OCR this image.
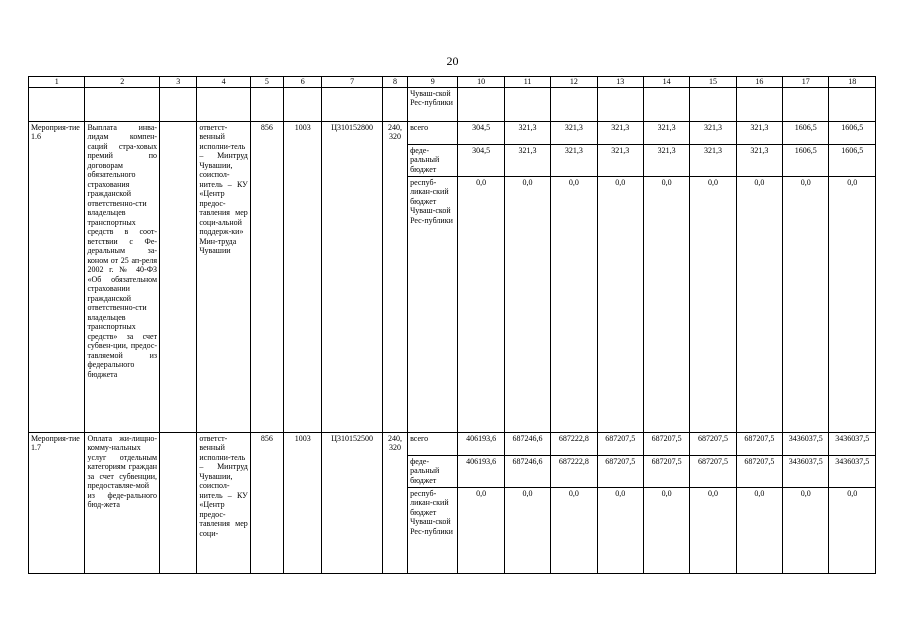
20
1	2	3	4	5	6	7	8	9	10	11	12	13	14	15	16	17	18
								Чуваш-ской Рес-публики									
Мероприя-тие 1.6	Выплата инва-лидам компен-саций стра-ховых премий по договорам обязательного страхования гражданской ответственно-сти владельцев транспортных средств в соот-ветствии с Фе-деральным за-коном от 25 ап-реля 2002 г. № 40-ФЗ «Об обязательном страховании гражданской ответственно-сти владельцев транспортных средств» за счет субвен-ции, предос-тавляемой из федерального бюджета		ответст-венный исполни-тель – Минтруд Чувашии, соиспол-нитель – КУ «Центр предос-тавления мер соци-альной поддерж-ки» Мин-труда Чувашии	856	1003	Ц310152800	240, 320	всего	304,5	321,3	321,3	321,3	321,3	321,3	321,3	1606,5	1606,5
								феде-ральный бюджет	304,5	321,3	321,3	321,3	321,3	321,3	321,3	1606,5	1606,5
								респуб-ликан-ский бюджет Чуваш-ской Рес-публики	0,0	0,0	0,0	0,0	0,0	0,0	0,0	0,0	0,0
Мероприя-тие 1.7	Оплата жи-лищно-комму-нальных услуг отдельным категориям граждан за счет субвенции, предоставляе-мой из феде-рального бюд-жета		ответст-венный исполни-тель – Минтруд Чувашии, соиспол-нитель – КУ «Центр предос-тавления мер соци-	856	1003	Ц310152500	240, 320	всего	406193,6	687246,6	687222,8	687207,5	687207,5	687207,5	687207,5	3436037,5	3436037,5
								феде-ральный бюджет	406193,6	687246,6	687222,8	687207,5	687207,5	687207,5	687207,5	3436037,5	3436037,5
								респуб-ликан-ский бюджет Чуваш-ской Рес-публики	0,0	0,0	0,0	0,0	0,0	0,0	0,0	0,0	0,0
